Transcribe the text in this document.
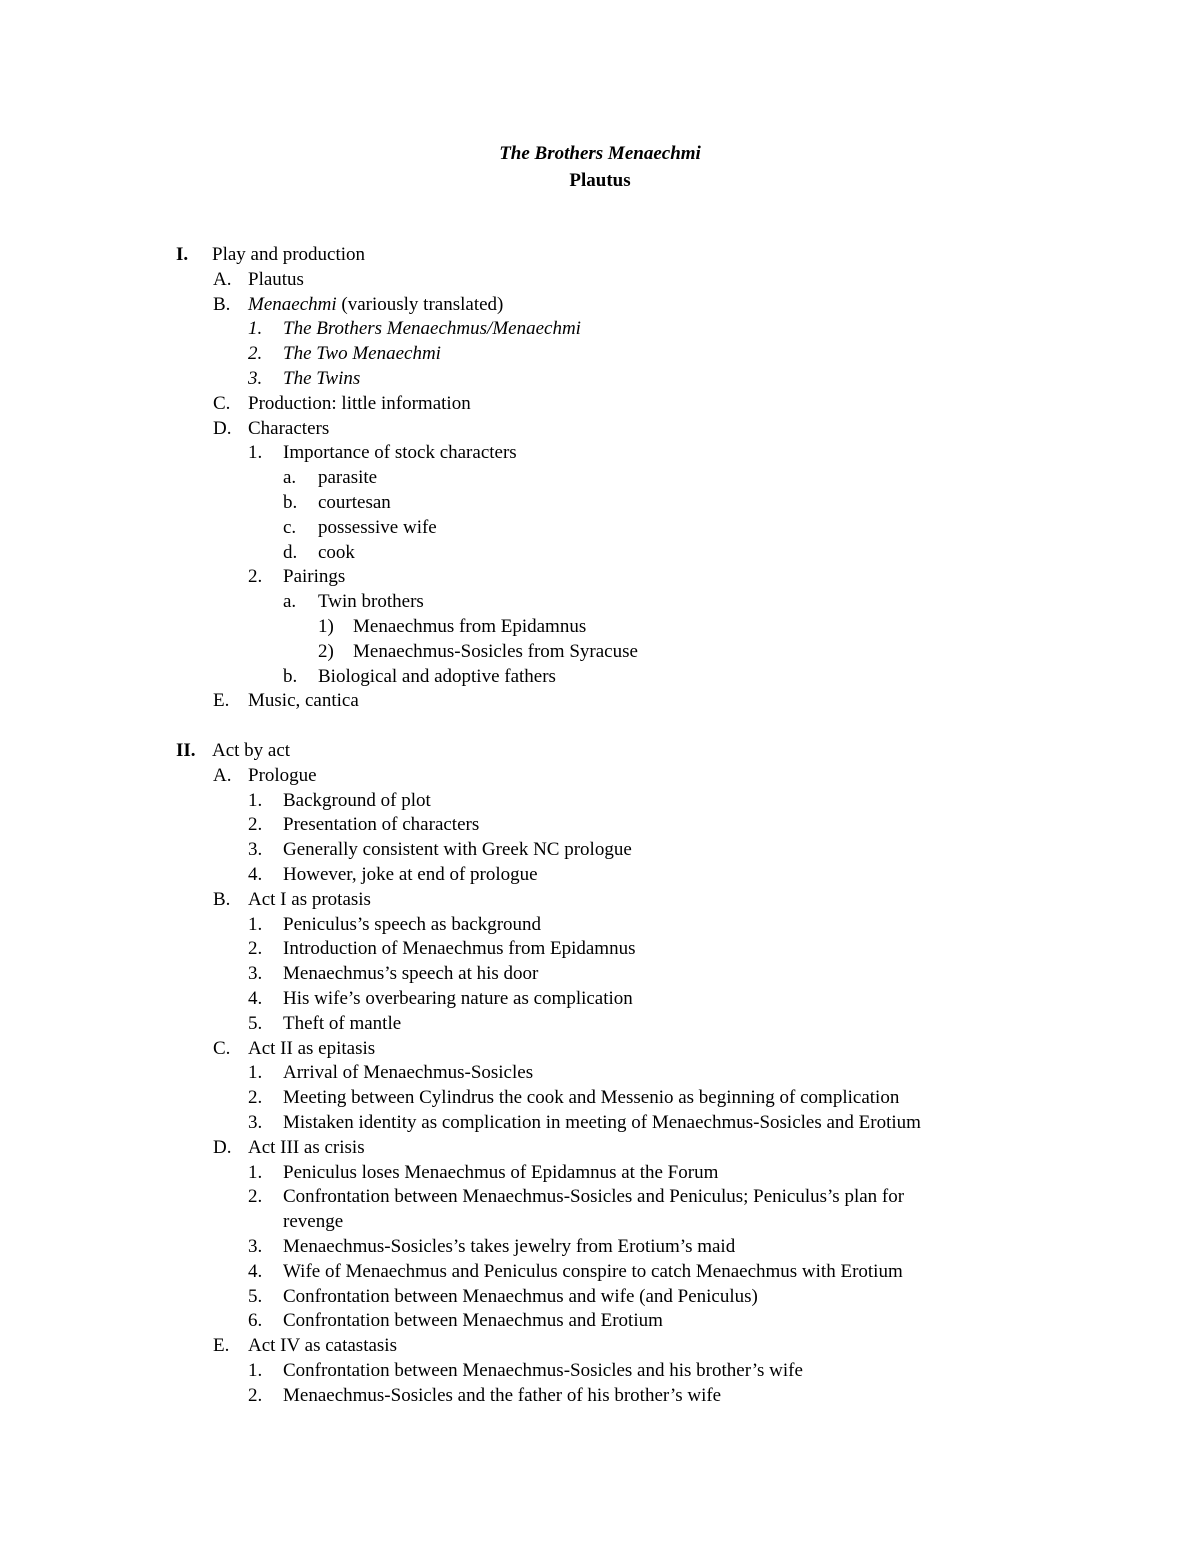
The Brothers Menaechmi
Plautus
I. Play and production
A. Plautus
B. Menaechmi (variously translated)
1. The Brothers Menaechmus/Menaechmi
2. The Two Menaechmi
3. The Twins
C. Production: little information
D. Characters
1. Importance of stock characters
a. parasite
b. courtesan
c. possessive wife
d. cook
2. Pairings
a. Twin brothers
1) Menaechmus from Epidamnus
2) Menaechmus-Sosicles from Syracuse
b. Biological and adoptive fathers
E. Music, cantica
II. Act by act
A. Prologue
1. Background of plot
2. Presentation of characters
3. Generally consistent with Greek NC prologue
4. However, joke at end of prologue
B. Act I as protasis
1. Peniculus’s speech as background
2. Introduction of Menaechmus from Epidamnus
3. Menaechmus’s speech at his door
4. His wife’s overbearing nature as complication
5. Theft of mantle
C. Act II as epitasis
1. Arrival of Menaechmus-Sosicles
2. Meeting between Cylindrus the cook and Messenio as beginning of complication
3. Mistaken identity as complication in meeting of Menaechmus-Sosicles and Erotium
D. Act III as crisis
1. Peniculus loses Menaechmus of Epidamnus at the Forum
2. Confrontation between Menaechmus-Sosicles and Peniculus; Peniculus’s plan for
revenge
3. Menaechmus-Sosicles’s takes jewelry from Erotium’s maid
4. Wife of Menaechmus and Peniculus conspire to catch Menaechmus with Erotium
5. Confrontation between Menaechmus and wife (and Peniculus)
6. Confrontation between Menaechmus and Erotium
E. Act IV as catastasis
1. Confrontation between Menaechmus-Sosicles and his brother’s wife
2. Menaechmus-Sosicles and the father of his brother’s wife
